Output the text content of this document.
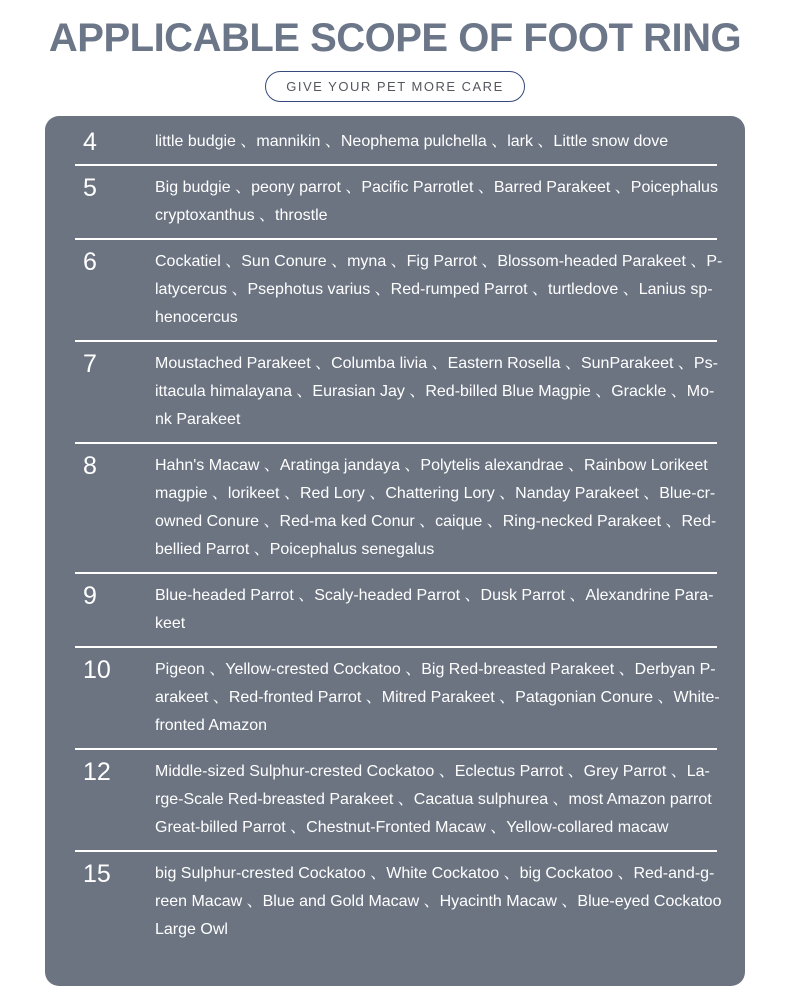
APPLICABLE SCOPE OF FOOT RING
GIVE YOUR PET MORE CARE
4	little budgie 、mannikin 、Neophema pulchella 、lark 、Little snow dove
5	Big budgie 、peony parrot 、Pacific Parrotlet 、Barred Parakeet 、Poicephalus
cryptoxanthus 、throstle
6	Cockatiel 、Sun Conure 、myna 、Fig Parrot 、Blossom-headed Parakeet 、P-
latycercus 、Psephotus varius 、Red-rumped Parrot 、turtledove 、Lanius sp-
henocercus
7	Moustached Parakeet 、Columba livia 、Eastern Rosella 、SunParakeet 、Ps-
ittacula himalayana 、Eurasian Jay 、Red-billed Blue Magpie 、Grackle 、Mo-
nk Parakeet
8	Hahn's Macaw 、Aratinga jandaya 、Polytelis alexandrae 、Rainbow Lorikeet
magpie 、lorikeet 、Red Lory 、Chattering Lory 、Nanday Parakeet 、Blue-cr-
owned Conure 、Red-ma ked Conur 、caique 、Ring-necked Parakeet 、Red-
bellied Parrot 、Poicephalus senegalus
9	Blue-headed Parrot 、Scaly-headed Parrot 、Dusk Parrot 、Alexandrine Para-
keet
10	Pigeon 、Yellow-crested Cockatoo 、Big Red-breasted Parakeet 、Derbyan P-
arakeet 、Red-fronted Parrot 、Mitred Parakeet 、Patagonian Conure 、White-
fronted Amazon
12	Middle-sized Sulphur-crested Cockatoo 、Eclectus Parrot 、Grey Parrot 、La-
rge-Scale Red-breasted Parakeet 、Cacatua sulphurea 、most Amazon parrot
Great-billed Parrot 、Chestnut-Fronted Macaw 、Yellow-collared macaw
15	big Sulphur-crested Cockatoo 、White Cockatoo 、big Cockatoo 、Red-and-g-
reen Macaw 、Blue and Gold Macaw 、Hyacinth Macaw 、Blue-eyed Cockatoo
Large Owl
